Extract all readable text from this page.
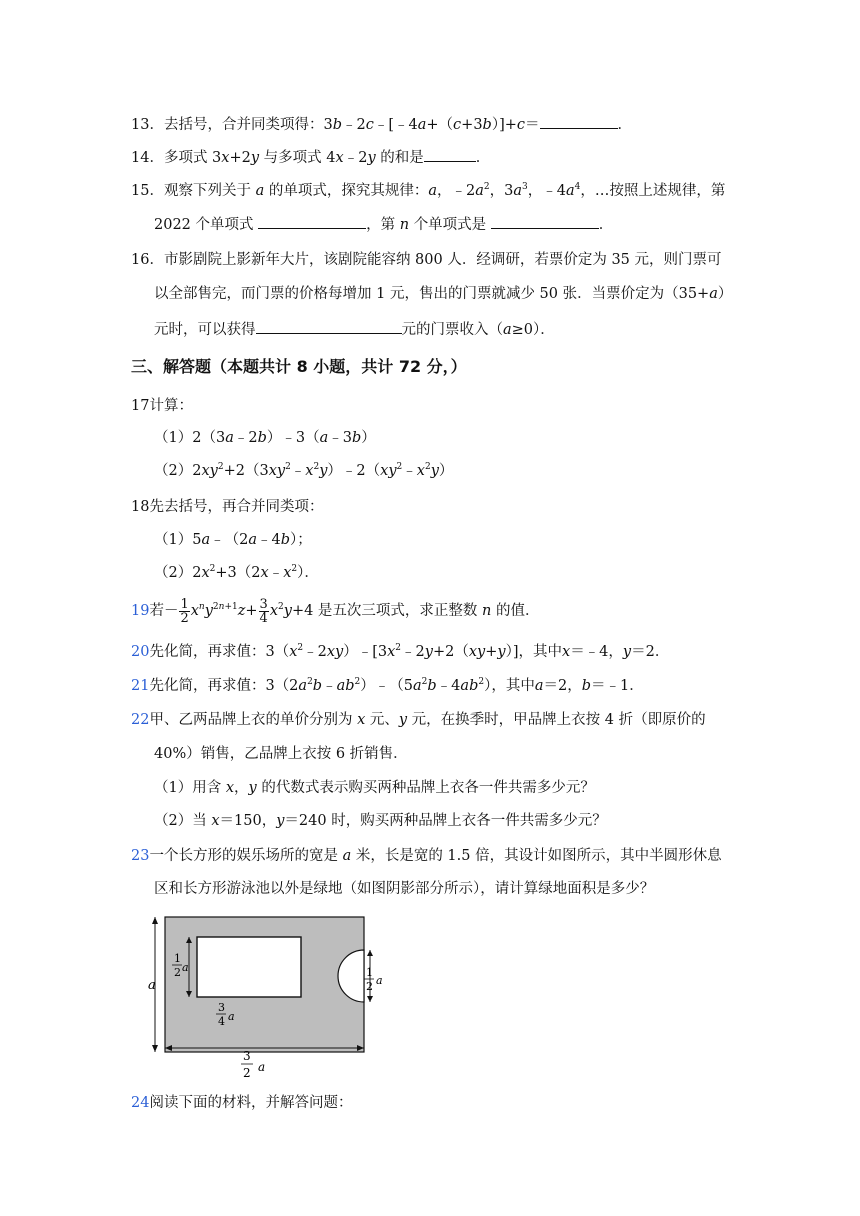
13．去括号，合并同类项得：3b﹣2c﹣[﹣4a+（c+3b）]+c＝	．
14．多项式 3x+2y 与多项式 4x﹣2y 的和是	．
15．观察下列关于 a 的单项式，探究其规律：a，$﹣2a^2$，$3a^3$，$﹣4a^4$，…按照上述规律，第
2022 个单项式	，第 n 个单项式是	．
16．市影剧院上影新年大片，该剧院能容纳 800 人．经调研，若票价定为 35 元，则门票可
以全部售完，而门票的价格每增加 1 元，售出的门票就减少 50 张．当票价定为（35+a）
元时，可以获得	元的门票收入（a≥0）．
三、解答题（本题共计 8 小题，共计 72 分，）
17计算：
（1）2（3a﹣2b）﹣3（a﹣3b）
$(2)2xy^2+2(3xy^2﹣x^2y)﹣2(xy^2﹣x^2y)$
18先去括号，再合并同类项：
（1）5a﹣（2a﹣4b）；
$(2)2x^2+3(2x﹣x^2)$．
19若－ $\frac{1}{2} x^ny^{2n+1}z+ \frac{3}{4} x^2y+4$ 是五次三项式，求正整数 n 的值．
20先化简，再求值：$3(x^2﹣2xy)﹣[3x^2﹣2y+2(xy+y)]$，其中x＝﹣4，y＝2．
21先化简，再求值：$3(2a^2b﹣ab^2)﹣(5a^2b﹣4ab^2)$，其中a＝2，b＝﹣1．
22甲、乙两品牌上衣的单价分别为 x 元、y 元，在换季时，甲品牌上衣按 4 折（即原价的
40%）销售，乙品牌上衣按 6 折销售．
（1）用含 x，y 的代数式表示购买两种品牌上衣各一件共需多少元？
（2）当 x＝150，y＝240 时，购买两种品牌上衣各一件共需多少元？
23一个长方形的娱乐场所的宽是 a 米，长是宽的 1.5 倍，其设计如图所示，其中半圆形休息
区和长方形游泳池以外是绿地（如图阴影部分所示），请计算绿地面积是多少？
a
1
2 a	1
2 a
3
4 a
3
2 a
24阅读下面的材料，并解答问题：
